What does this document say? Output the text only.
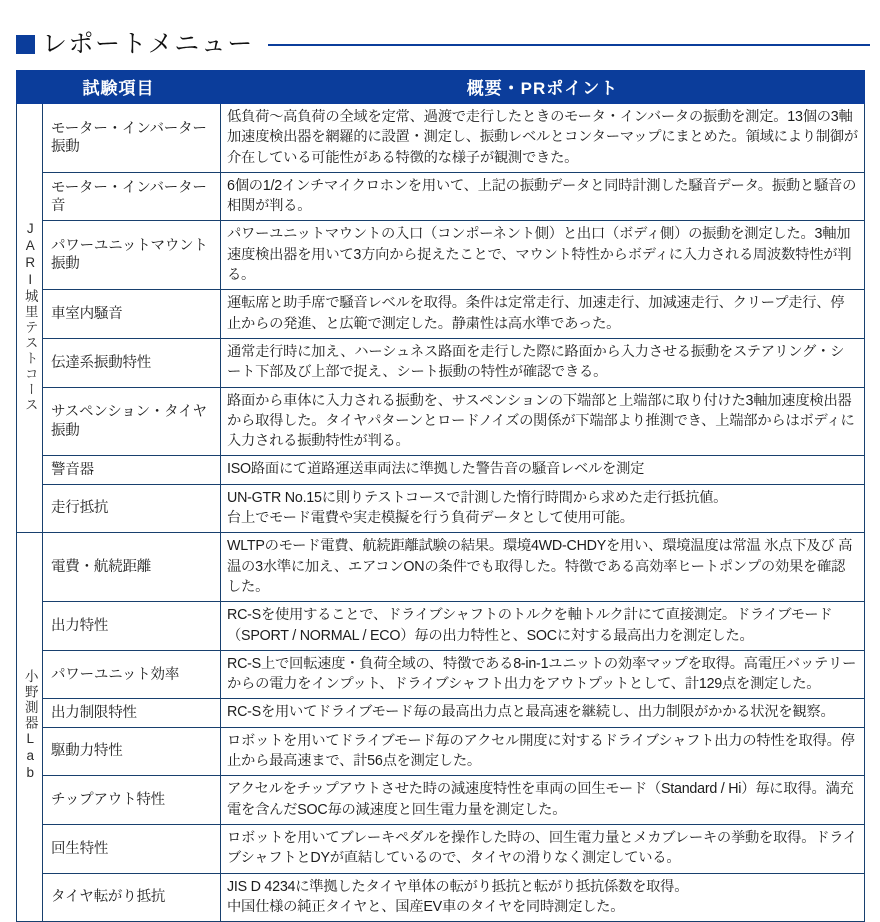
レポートメニュー
試験項目		概要・PRポイント
JARI城里テストコース	モーター・インバーター振動	低負荷～高負荷の全域を定常、過渡で走行したときのモータ・インバータの振動を測定。13個の3軸加速度検出器を網羅的に設置・測定し、振動レベルとコンターマップにまとめた。領域により制御が介在している可能性がある特徴的な様子が観測できた。

	モーター・インバーター音	6個の1/2インチマイクロホンを用いて、上記の振動データと同時計測した騒音データ。振動と騒音の相関が判る。

	パワーユニットマウント振動	パワーユニットマウントの入口（コンポーネント側）と出口（ボディ側）の振動を測定した。3軸加速度検出器を用いて3方向から捉えたことで、マウント特性からボディに入力される周波数特性が判る。

	車室内騒音	運転席と助手席で騒音レベルを取得。条件は定常走行、加速走行、加減速走行、クリープ走行、停止からの発進、と広範で測定した。静粛性は高水準であった。

	伝達系振動特性	通常走行時に加え、ハーシュネス路面を走行した際に路面から入力させる振動をステアリング・シート下部及び上部で捉え、シート振動の特性が確認できる。

	サスペンション・タイヤ振動	路面から車体に入力される振動を、サスペンションの下端部と上端部に取り付けた3軸加速度検出器から取得した。タイヤパターンとロードノイズの関係が下端部より推測でき、上端部からはボディに入力される振動特性が判る。

	警音器	ISO路面にて道路運送車両法に準拠した警告音の騒音レベルを測定

	走行抵抗	UN-GTR No.15に則りテストコースで計測した惰行時間から求めた走行抵抗値。

台上でモード電費や実走模擬を行う負荷データとして使用可能。

小野測器Lab	電費・航続距離	WLTPのモード電費、航続距離試験の結果。環境4WD-CHDYを用い、環境温度は常温 氷点下及び 高温の3水準に加え、エアコンONの条件でも取得した。特徴である高効率ヒートポンプの効果を確認した。

	出力特性	RC-Sを使用することで、ドライブシャフトのトルクを軸トルク計にて直接測定。ドライブモード（SPORT / NORMAL / ECO）毎の出力特性と、SOCに対する最高出力を測定した。

	パワーユニット効率	RC-S上で回転速度・負荷全域の、特徴である8-in-1ユニットの効率マップを取得。高電圧バッテリーからの電力をインプット、ドライブシャフト出力をアウトプットとして、計129点を測定した。

	出力制限特性	RC-Sを用いてドライブモード毎の最高出力点と最高速を継続し、出力制限がかかる状況を観察。

	駆動力特性	ロボットを用いてドライブモード毎のアクセル開度に対するドライブシャフト出力の特性を取得。停止から最高速まで、計56点を測定した。

	チップアウト特性	アクセルをチップアウトさせた時の減速度特性を車両の回生モード（Standard / Hi）毎に取得。満充電を含んだSOC毎の減速度と回生電力量を測定した。

	回生特性	ロボットを用いてブレーキペダルを操作した時の、回生電力量とメカブレーキの挙動を取得。ドライブシャフトとDYが直結しているので、タイヤの滑りなく測定している。

	タイヤ転がり抵抗	JIS D 4234に準拠したタイヤ単体の転がり抵抗と転がり抵抗係数を取得。

中国仕様の純正タイヤと、国産EV車のタイヤを同時測定した。
